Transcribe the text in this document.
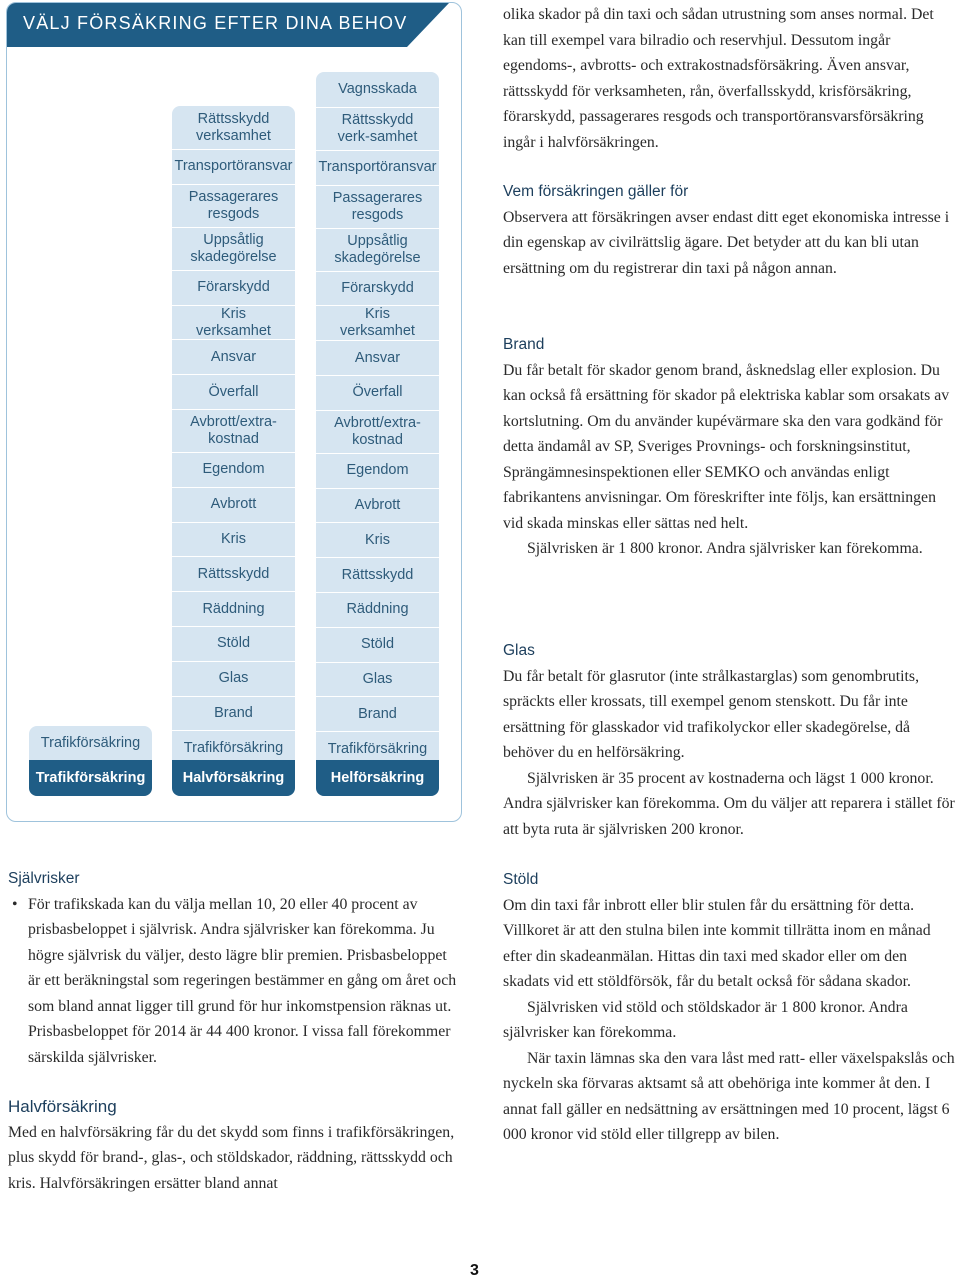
VÄLJ FÖRSÄKRING EFTER DINA BEHOV
Trafikförsäkring
Trafikförsäkring
Rättsskydd verksamhet
Transportöransvar
Passagerares resgods
Uppsåtlig skadegörelse
Förarskydd
Kris verksamhet
Ansvar
Överfall
Avbrott/extra-kostnad
Egendom
Avbrott
Kris
Rättsskydd
Räddning
Stöld
Glas
Brand
Trafikförsäkring
Halvförsäkring
Vagnsskada
Rättsskydd verk-samhet
Transportöransvar
Passagerares resgods
Uppsåtlig skadegörelse
Förarskydd
Kris verksamhet
Ansvar
Överfall
Avbrott/extra-kostnad
Egendom
Avbrott
Kris
Rättsskydd
Räddning
Stöld
Glas
Brand
Trafikförsäkring
Helförsäkring

Självrisker

• För trafikskada kan du välja mellan 10, 20 eller 40 procent av prisbasbeloppet i självrisk. Andra självrisker kan förekomma. Ju högre självrisk du väljer, desto lägre blir premien. Prisbasbeloppet är ett beräkningstal som regeringen bestämmer en gång om året och som bland annat ligger till grund för hur inkomstpension räknas ut. Prisbasbeloppet för 2014 är 44 400 kronor. I vissa fall förekommer särskilda självrisker.

Halvförsäkring

Med en halvförsäkring får du det skydd som finns i trafikförsäkringen, plus skydd för brand-, glas-, och stöldskador, räddning, rättsskydd och kris. Halvförsäkringen ersätter bland annat

olika skador på din taxi och sådan utrustning som anses normal. Det kan till exempel vara bilradio och reservhjul. Dessutom ingår egendoms-, avbrotts- och extrakostnadsförsäkring. Även ansvar, rättsskydd för verksamheten, rån, överfallsskydd, krisförsäkring, förarskydd, passagerares resgods och transportöransvarsförsäkring ingår i halvförsäkringen.

Vem försäkringen gäller för

Observera att försäkringen avser endast ditt eget ekonomiska intresse i din egenskap av civilrättslig ägare. Det betyder att du kan bli utan ersättning om du registrerar din taxi på någon annan.

Brand

Du får betalt för skador genom brand, åsknedslag eller explosion. Du kan också få ersättning för skador på elektriska kablar som orsakats av kortslutning. Om du använder kupévärmare ska den vara godkänd för detta ändamål av SP, Sveriges Provnings- och forskningsinstitut, Sprängämnesinspektionen eller SEMKO och användas enligt fabrikantens anvisningar. Om föreskrifter inte följs, kan ersättningen vid skada minskas eller sättas ned helt.

Självrisken är 1 800 kronor. Andra självrisker kan förekomma.

Glas

Du får betalt för glasrutor (inte strålkastarglas) som genombrutits, spräckts eller krossats, till exempel genom stenskott. Du får inte ersättning för glasskador vid trafikolyckor eller skadegörelse, då behöver du en helförsäkring.

Självrisken är 35 procent av kostnaderna och lägst 1 000 kronor. Andra självrisker kan förekomma. Om du väljer att reparera i stället för att byta ruta är självrisken 200 kronor.

Stöld

Om din taxi får inbrott eller blir stulen får du ersättning för detta. Villkoret är att den stulna bilen inte kommit tillrätta inom en månad efter din skadeanmälan. Hittas din taxi med skador eller om den skadats vid ett stöldförsök, får du betalt också för sådana skador.

Självrisken vid stöld och stöldskador är 1 800 kronor. Andra självrisker kan förekomma.

När taxin lämnas ska den vara låst med ratt- eller växelspakslås och nyckeln ska förvaras aktsamt så att obehöriga inte kommer åt den. I annat fall gäller en nedsättning av ersättningen med 10 procent, lägst 6 000 kronor vid stöld eller tillgrepp av bilen.

3
